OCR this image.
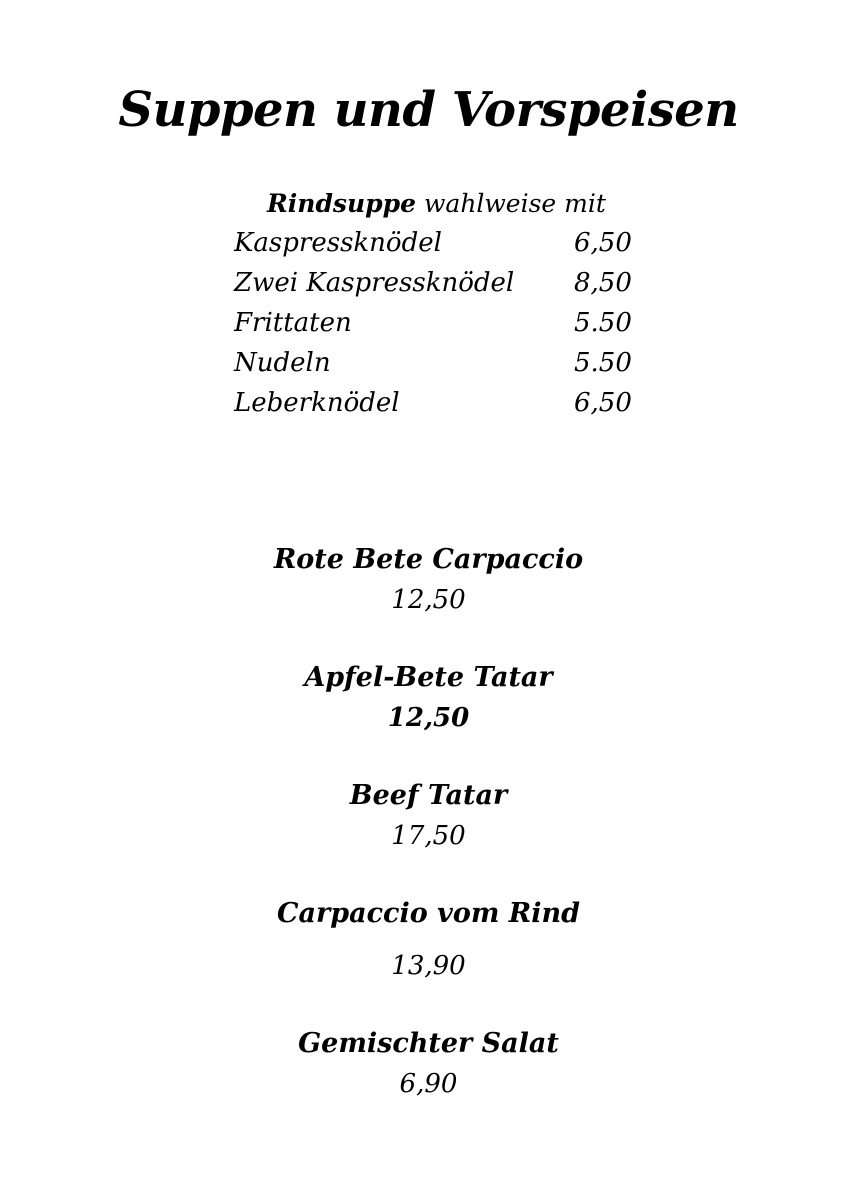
Suppen und Vorspeisen
Rindsuppe wahlweise mit
Kaspressknödel	6,50
Zwei Kaspressknödel 8,50
Frittaten	5.50
Nudeln	5.50
Leberknödel	6,50
Rote Bete Carpaccio
12,50
Apfel-Bete Tatar
12,50
Beef Tatar
17,50
Carpaccio vom Rind
13,90
Gemischter Salat
6,90
